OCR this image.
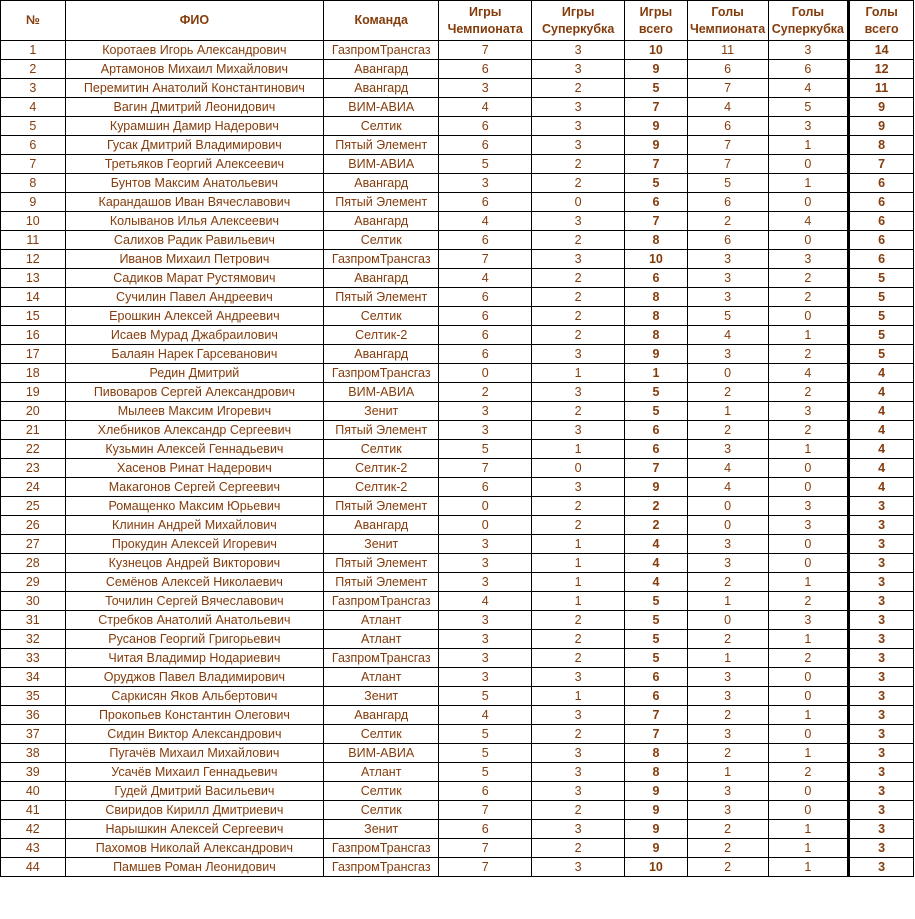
№	ФИО	Команда	Игры Чемпионата	Игры Суперкубка	Игры всего	Голы Чемпионата	Голы Суперкубка	Голы всего
1	Коротаев Игорь Александрович	ГазпромТрансгаз	7	3	10	11	3	14
2	Артамонов Михаил Михайлович	Авангард	6	3	9	6	6	12
3	Перемитин Анатолий Константинович	Авангард	3	2	5	7	4	11
4	Вагин Дмитрий Леонидович	ВИМ-АВИА	4	3	7	4	5	9
5	Курамшин Дамир Надерович	Селтик	6	3	9	6	3	9
6	Гусак Дмитрий Владимирович	Пятый Элемент	6	3	9	7	1	8
7	Третьяков Георгий Алексеевич	ВИМ-АВИА	5	2	7	7	0	7
8	Бунтов Максим Анатольевич	Авангард	3	2	5	5	1	6
9	Карандашов Иван Вячеславович	Пятый Элемент	6	0	6	6	0	6
10	Колыванов Илья Алексеевич	Авангард	4	3	7	2	4	6
11	Салихов Радик Равильевич	Селтик	6	2	8	6	0	6
12	Иванов Михаил Петрович	ГазпромТрансгаз	7	3	10	3	3	6
13	Садиков Марат Рустямович	Авангард	4	2	6	3	2	5
14	Сучилин Павел Андреевич	Пятый Элемент	6	2	8	3	2	5
15	Ерошкин Алексей Андреевич	Селтик	6	2	8	5	0	5
16	Исаев Мурад Джабраилович	Селтик-2	6	2	8	4	1	5
17	Балаян Нарек Гарсеванович	Авангард	6	3	9	3	2	5
18	Редин Дмитрий	ГазпромТрансгаз	0	1	1	0	4	4
19	Пивоваров Сергей Александрович	ВИМ-АВИА	2	3	5	2	2	4
20	Мылеев Максим Игоревич	Зенит	3	2	5	1	3	4
21	Хлебников Александр Сергеевич	Пятый Элемент	3	3	6	2	2	4
22	Кузьмин Алексей Геннадьевич	Селтик	5	1	6	3	1	4
23	Хасенов Ринат Надерович	Селтик-2	7	0	7	4	0	4
24	Макагонов Сергей Сергеевич	Селтик-2	6	3	9	4	0	4
25	Ромащенко Максим Юрьевич	Пятый Элемент	0	2	2	0	3	3
26	Клинин Андрей Михайлович	Авангард	0	2	2	0	3	3
27	Прокудин Алексей Игоревич	Зенит	3	1	4	3	0	3
28	Кузнецов Андрей Викторович	Пятый Элемент	3	1	4	3	0	3
29	Семёнов Алексей Николаевич	Пятый Элемент	3	1	4	2	1	3
30	Точилин Сергей Вячеславович	ГазпромТрансгаз	4	1	5	1	2	3
31	Стребков Анатолий Анатольевич	Атлант	3	2	5	0	3	3
32	Русанов Георгий Григорьевич	Атлант	3	2	5	2	1	3
33	Читая Владимир Нодариевич	ГазпромТрансгаз	3	2	5	1	2	3
34	Оруджов Павел Владимирович	Атлант	3	3	6	3	0	3
35	Саркисян Яков Альбертович	Зенит	5	1	6	3	0	3
36	Прокопьев Константин Олегович	Авангард	4	3	7	2	1	3
37	Сидин Виктор Александрович	Селтик	5	2	7	3	0	3
38	Пугачёв Михаил Михайлович	ВИМ-АВИА	5	3	8	2	1	3
39	Усачёв Михаил Геннадьевич	Атлант	5	3	8	1	2	3
40	Гудей Дмитрий Васильевич	Селтик	6	3	9	3	0	3
41	Свиридов Кирилл Дмитриевич	Селтик	7	2	9	3	0	3
42	Нарышкин Алексей Сергеевич	Зенит	6	3	9	2	1	3
43	Пахомов Николай Александрович	ГазпромТрансгаз	7	2	9	2	1	3
44	Памшев Роман Леонидович	ГазпромТрансгаз	7	3	10	2	1	3
